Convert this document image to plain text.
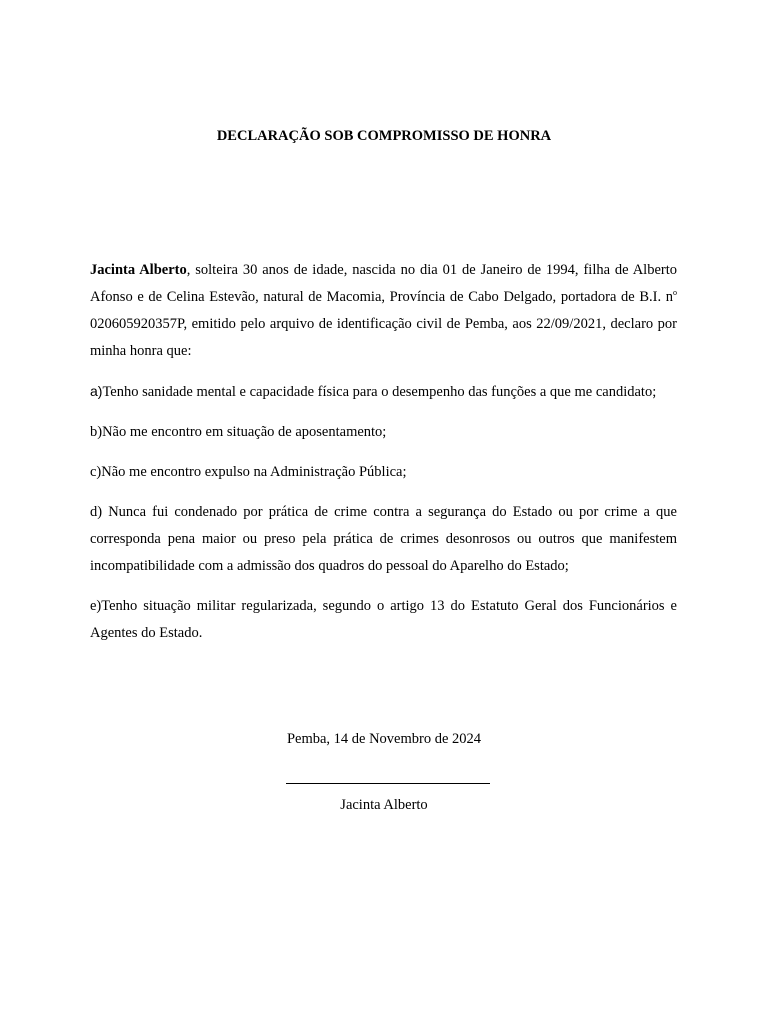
DECLARAÇÃO SOB COMPROMISSO DE HONRA

Jacinta Alberto, solteira 30 anos de idade, nascida no dia 01 de Janeiro de 1994, filha de Alberto Afonso e de Celina Estevão, natural de Macomia, Província de Cabo Delgado, portadora de B.I. $n^o$ 020605920357P, emitido pelo arquivo de identificação civil de Pemba, aos 22/09/2021, declaro por minha honra que:

a)Tenho sanidade mental e capacidade física para o desempenho das funções a que me candidato;

b)Não me encontro em situação de aposentamento;

c)Não me encontro expulso na Administração Pública;

d) Nunca fui condenado por prática de crime contra a segurança do Estado ou por crime a que corresponda pena maior ou preso pela prática de crimes desonrosos ou outros que manifestem incompatibilidade com a admissão dos quadros do pessoal do Aparelho do Estado;

e)Tenho situação militar regularizada, segundo o artigo 13 do Estatuto Geral dos Funcionários e Agentes do Estado.

Pemba, 14 de Novembro de 2024
Jacinta Alberto
